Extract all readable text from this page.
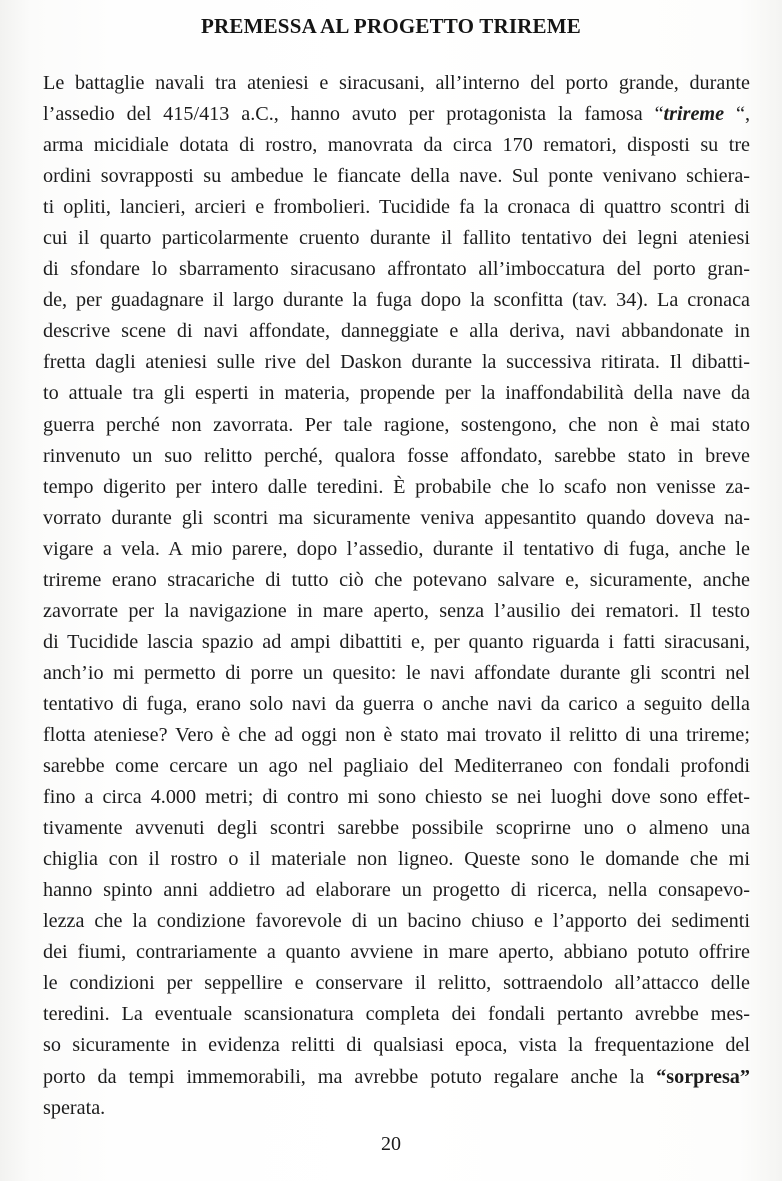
PREMESSA AL PROGETTO TRIREME
Le battaglie navali tra ateniesi e siracusani, all’interno del porto grande, durante
l’assedio del 415/413 a.C., hanno avuto per protagonista la famosa “trireme “,
arma micidiale dotata di rostro, manovrata da circa 170 rematori, disposti su tre
ordini sovrapposti su ambedue le fiancate della nave. Sul ponte venivano schiera-
ti opliti, lancieri, arcieri e frombolieri. Tucidide fa la cronaca di quattro scontri di
cui il quarto particolarmente cruento durante il fallito tentativo dei legni ateniesi
di sfondare lo sbarramento siracusano affrontato all’imboccatura del porto gran-
de, per guadagnare il largo durante la fuga dopo la sconfitta (tav. 34). La cronaca
descrive scene di navi affondate, danneggiate e alla deriva, navi abbandonate in
fretta dagli ateniesi sulle rive del Daskon durante la successiva ritirata. Il dibatti-
to attuale tra gli esperti in materia, propende per la inaffondabilità della nave da
guerra perché non zavorrata. Per tale ragione, sostengono, che non è mai stato
rinvenuto un suo relitto perché, qualora fosse affondato, sarebbe stato in breve
tempo digerito per intero dalle teredini. È probabile che lo scafo non venisse za-
vorrato durante gli scontri ma sicuramente veniva appesantito quando doveva na-
vigare a vela. A mio parere, dopo l’assedio, durante il tentativo di fuga, anche le
trireme erano stracariche di tutto ciò che potevano salvare e, sicuramente, anche
zavorrate per la navigazione in mare aperto, senza l’ausilio dei rematori. Il testo
di Tucidide lascia spazio ad ampi dibattiti e, per quanto riguarda i fatti siracusani,
anch’io mi permetto di porre un quesito: le navi affondate durante gli scontri nel
tentativo di fuga, erano solo navi da guerra o anche navi da carico a seguito della
flotta ateniese? Vero è che ad oggi non è stato mai trovato il relitto di una trireme;
sarebbe come cercare un ago nel pagliaio del Mediterraneo con fondali profondi
fino a circa 4.000 metri; di contro mi sono chiesto se nei luoghi dove sono effet-
tivamente avvenuti degli scontri sarebbe possibile scoprirne uno o almeno una
chiglia con il rostro o il materiale non ligneo. Queste sono le domande che mi
hanno spinto anni addietro ad elaborare un progetto di ricerca, nella consapevo-
lezza che la condizione favorevole di un bacino chiuso e l’apporto dei sedimenti
dei fiumi, contrariamente a quanto avviene in mare aperto, abbiano potuto offrire
le condizioni per seppellire e conservare il relitto, sottraendolo all’attacco delle
teredini. La eventuale scansionatura completa dei fondali pertanto avrebbe mes-
so sicuramente in evidenza relitti di qualsiasi epoca, vista la frequentazione del
porto da tempi immemorabili, ma avrebbe potuto regalare anche la “sorpresa”
sperata.
20
